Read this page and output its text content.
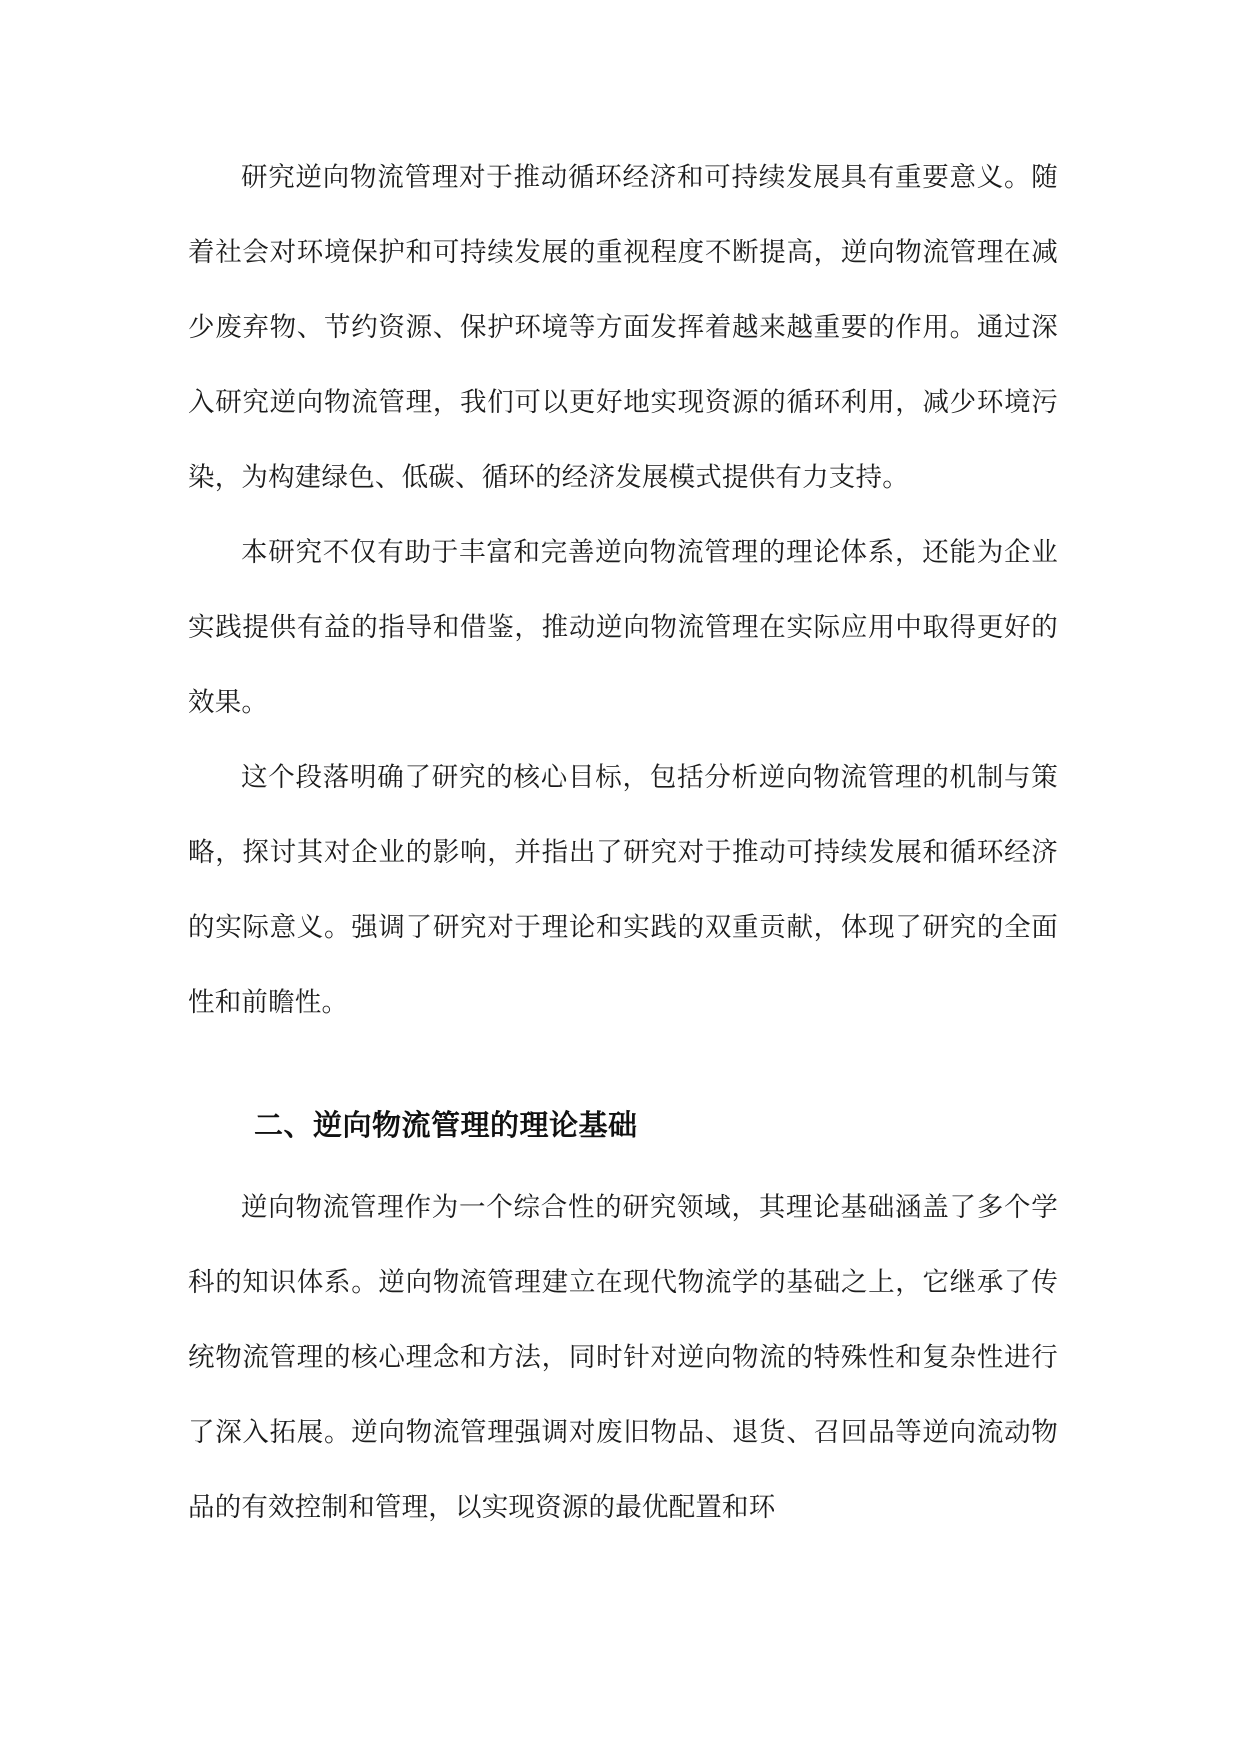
研究逆向物流管理对于推动循环经济和可持续发展具有重要意义。随着社会对环境保护和可持续发展的重视程度不断提高，逆向物流管理在减少废弃物、节约资源、保护环境等方面发挥着越来越重要的作用。通过深入研究逆向物流管理，我们可以更好地实现资源的循环利用，减少环境污染，为构建绿色、低碳、循环的经济发展模式提供有力支持。

本研究不仅有助于丰富和完善逆向物流管理的理论体系，还能为企业实践提供有益的指导和借鉴，推动逆向物流管理在实际应用中取得更好的效果。

这个段落明确了研究的核心目标，包括分析逆向物流管理的机制与策略，探讨其对企业的影响，并指出了研究对于推动可持续发展和循环经济的实际意义。强调了研究对于理论和实践的双重贡献，体现了研究的全面性和前瞻性。

二、逆向物流管理的理论基础

逆向物流管理作为一个综合性的研究领域，其理论基础涵盖了多个学科的知识体系。逆向物流管理建立在现代物流学的基础之上，它继承了传统物流管理的核心理念和方法，同时针对逆向物流的特殊性和复杂性进行了深入拓展。逆向物流管理强调对废旧物品、退货、召回品等逆向流动物品的有效控制和管理，以实现资源的最优配置和环
